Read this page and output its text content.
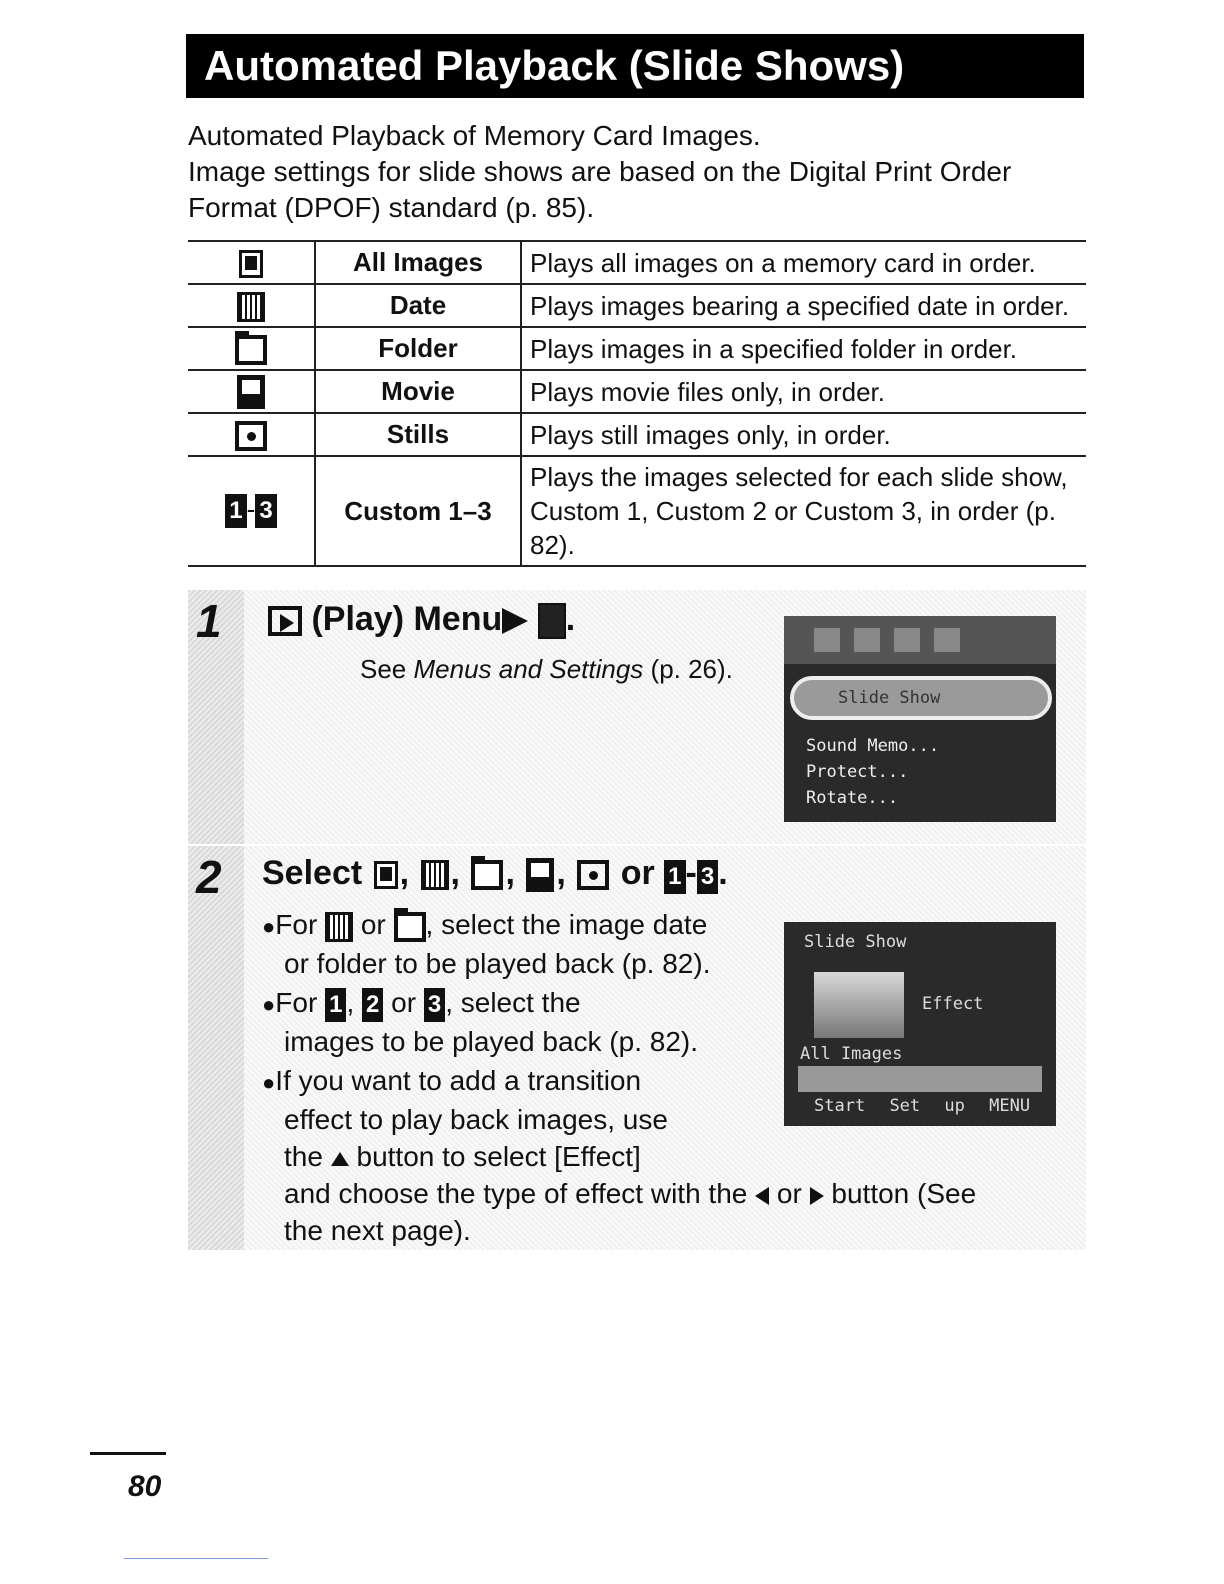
Automated Playback (Slide Shows)

Automated Playback of Memory Card Images.

Image settings for slide shows are based on the Digital Print Order Format (DPOF) standard (p. 85).

	All Images	Plays all images on a memory card in order.
	Date	Plays images bearing a specified date in order.
	Folder	Plays images in a specified folder in order.
	Movie	Plays movie files only, in order.
	Stills	Plays still images only, in order.
1 - 3	Custom 1–3	Plays the images selected for each slide show, Custom 1, Custom 2 or Custom 3, in order (p. 82).
1	(Play) Menu .
See Menus and Settings (p. 26).
Slide Show
Sound Memo...
Protect...
Rotate...
2 Select , , , , or 1 - 3 .
●For or , select the image date
or folder to be played back (p. 82).
●For 1 , 2 or 3 , select the
images to be played back (p. 82).
●If you want to add a transition
effect to play back images, use
the button to select [Effect]
and choose the type of effect with the or button (See
the next page).
Slide Show
Effect
All Images
Start Set up MENU
80
